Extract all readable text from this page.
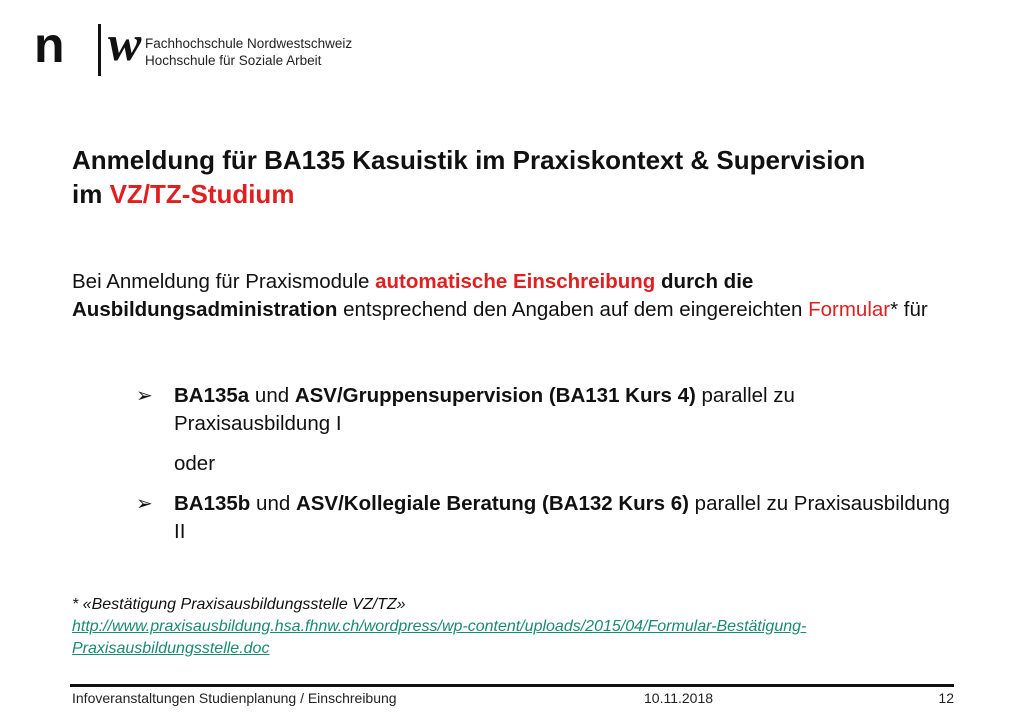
n w Fachhochschule Nordwestschweiz
Hochschule für Soziale Arbeit
Anmeldung für BA135 Kasuistik im Praxiskontext & Supervision
im VZ/TZ-Studium
Bei Anmeldung für Praxismodule automatische Einschreibung durch die Ausbildungsadministration entsprechend den Angaben auf dem eingereichten Formular* für
➢ BA135a und ASV/Gruppensupervision (BA131 Kurs 4) parallel zu Praxisausbildung I
oder
➢ BA135b und ASV/Kollegiale Beratung (BA132 Kurs 6) parallel zu Praxisausbildung II
* «Bestätigung Praxisausbildungsstelle VZ/TZ»
http://www.praxisausbildung.hsa.fhnw.ch/wordpress/wp-content/uploads/2015/04/Formular-Bestätigung-Praxisausbildungsstelle.doc
Infoveranstaltungen Studienplanung / Einschreibung	10.11.2018	12
